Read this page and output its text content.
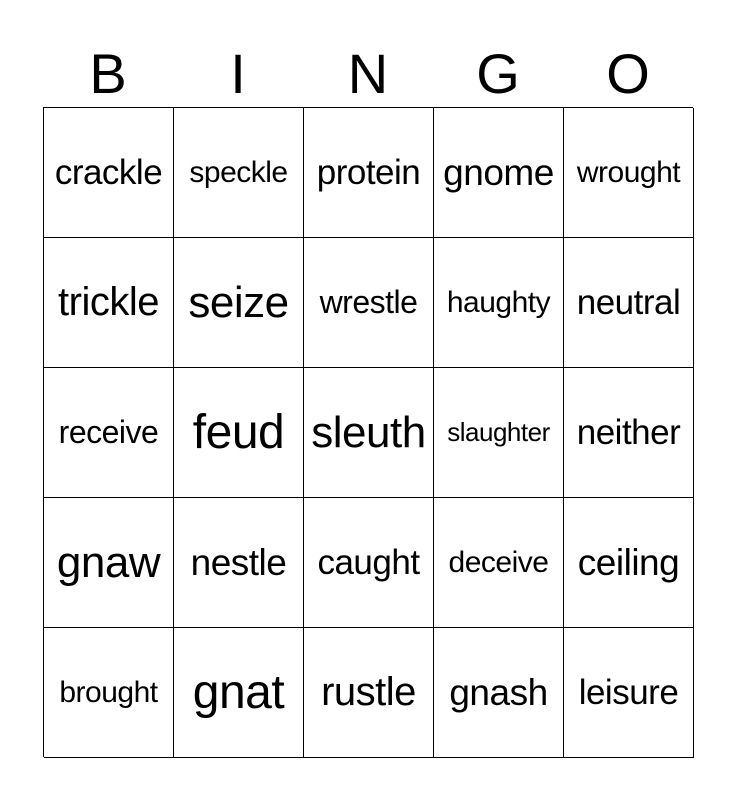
B	I	N	G	O
crackle speckle protein gnome wrought
trickle seize wrestle haughty neutral
receive feud sleuth slaughter neither
gnaw nestle caught deceive ceiling
brought gnat rustle gnash leisure
